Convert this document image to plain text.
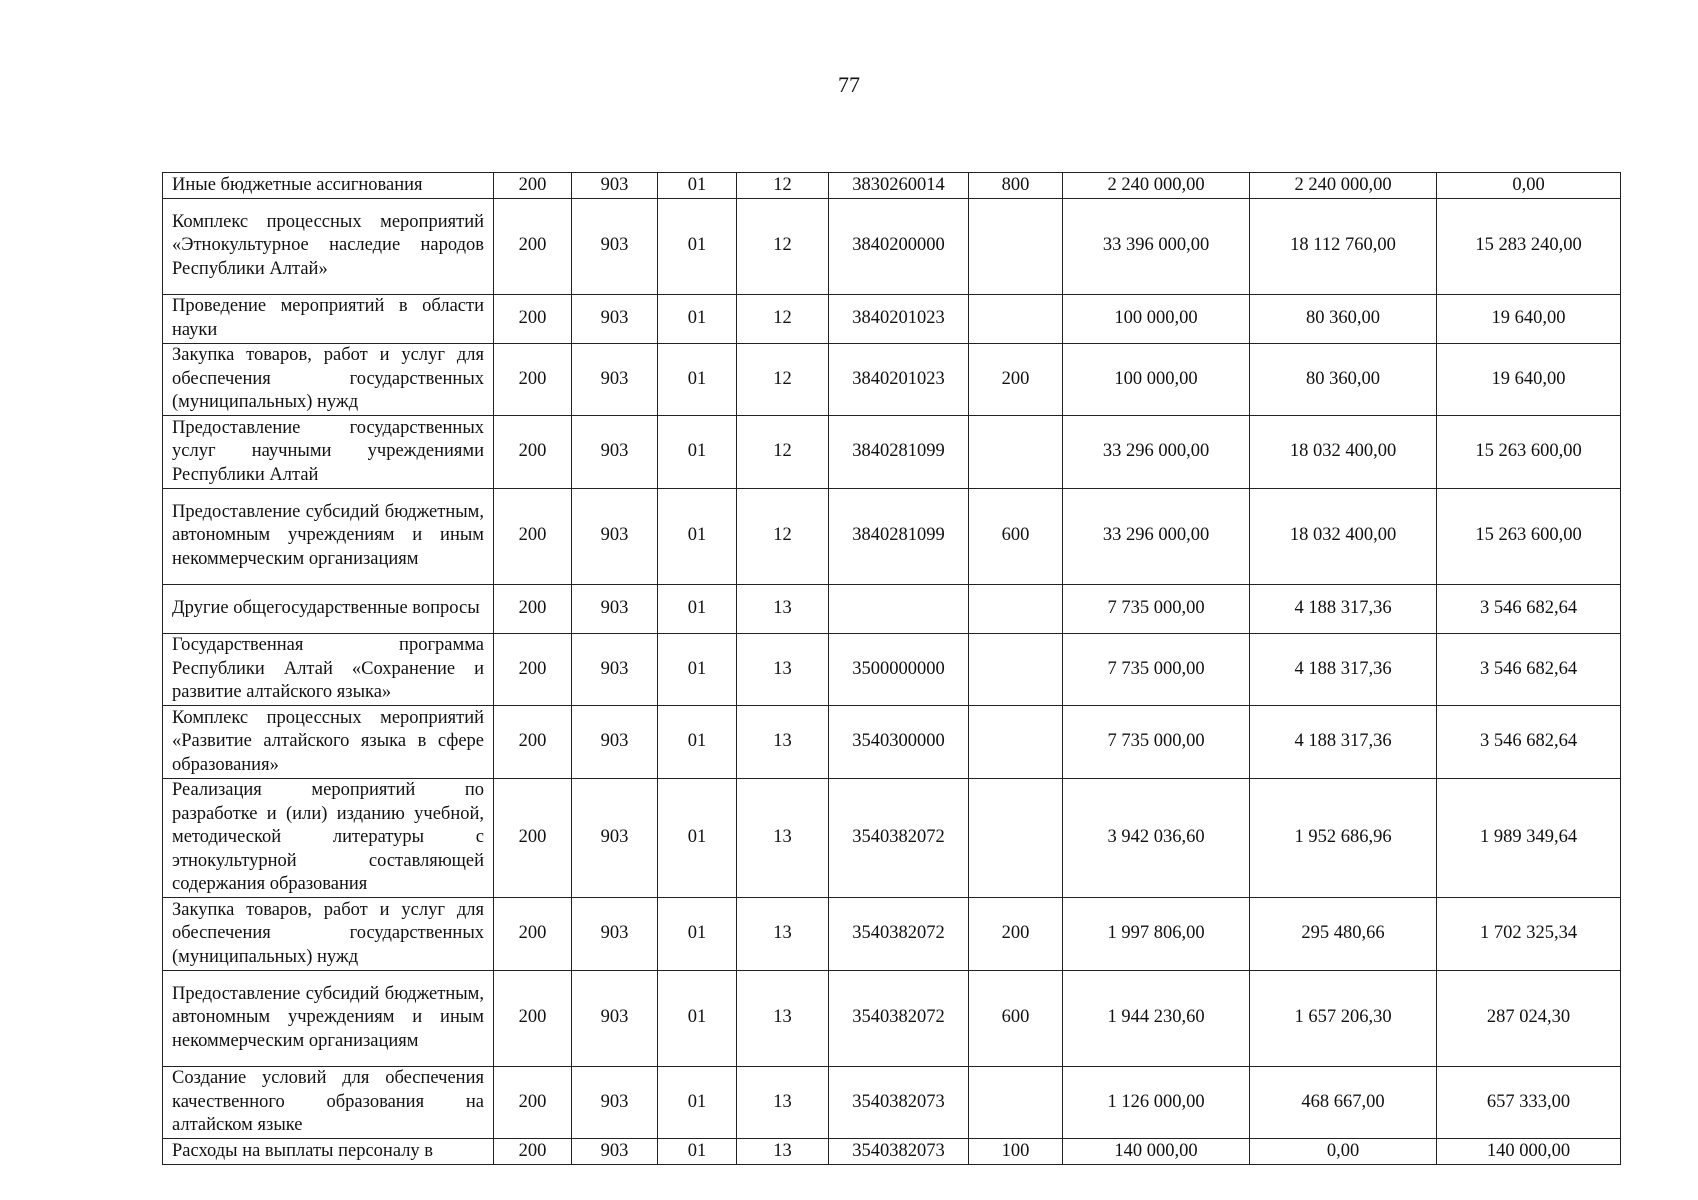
77
Иные бюджетные ассигнования	200	903	01	12	3830260014	800	2 240 000,00	2 240 000,00	0,00
Комплекс процессных мероприятий «Этнокультурное наследие народов Республики Алтай»	200	903	01	12	3840200000		33 396 000,00	18 112 760,00	15 283 240,00
Проведение мероприятий в области науки	200	903	01	12	3840201023		100 000,00	80 360,00	19 640,00
Закупка товаров, работ и услуг для обеспечения государственных (муниципальных) нужд	200	903	01	12	3840201023	200	100 000,00	80 360,00	19 640,00
Предоставление государственных услуг научными учреждениями Республики Алтай	200	903	01	12	3840281099		33 296 000,00	18 032 400,00	15 263 600,00
Предоставление субсидий бюджетным, автономным учреждениям и иным некоммерческим организациям	200	903	01	12	3840281099	600	33 296 000,00	18 032 400,00	15 263 600,00
Другие общегосударственные вопросы	200	903	01	13			7 735 000,00	4 188 317,36	3 546 682,64
Государственная программа Республики Алтай «Сохранение и развитие алтайского языка»	200	903	01	13	3500000000		7 735 000,00	4 188 317,36	3 546 682,64
Комплекс процессных мероприятий «Развитие алтайского языка в сфере образования»	200	903	01	13	3540300000		7 735 000,00	4 188 317,36	3 546 682,64
Реализация мероприятий по разработке и (или) изданию учебной, методической литературы с этнокультурной составляющей содержания образования	200	903	01	13	3540382072		3 942 036,60	1 952 686,96	1 989 349,64
Закупка товаров, работ и услуг для обеспечения государственных (муниципальных) нужд	200	903	01	13	3540382072	200	1 997 806,00	295 480,66	1 702 325,34
Предоставление субсидий бюджетным, автономным учреждениям и иным некоммерческим организациям	200	903	01	13	3540382072	600	1 944 230,60	1 657 206,30	287 024,30
Создание условий для обеспечения качественного образования на алтайском языке	200	903	01	13	3540382073		1 126 000,00	468 667,00	657 333,00
Расходы на выплаты персоналу в	200	903	01	13	3540382073	100	140 000,00	0,00	140 000,00
